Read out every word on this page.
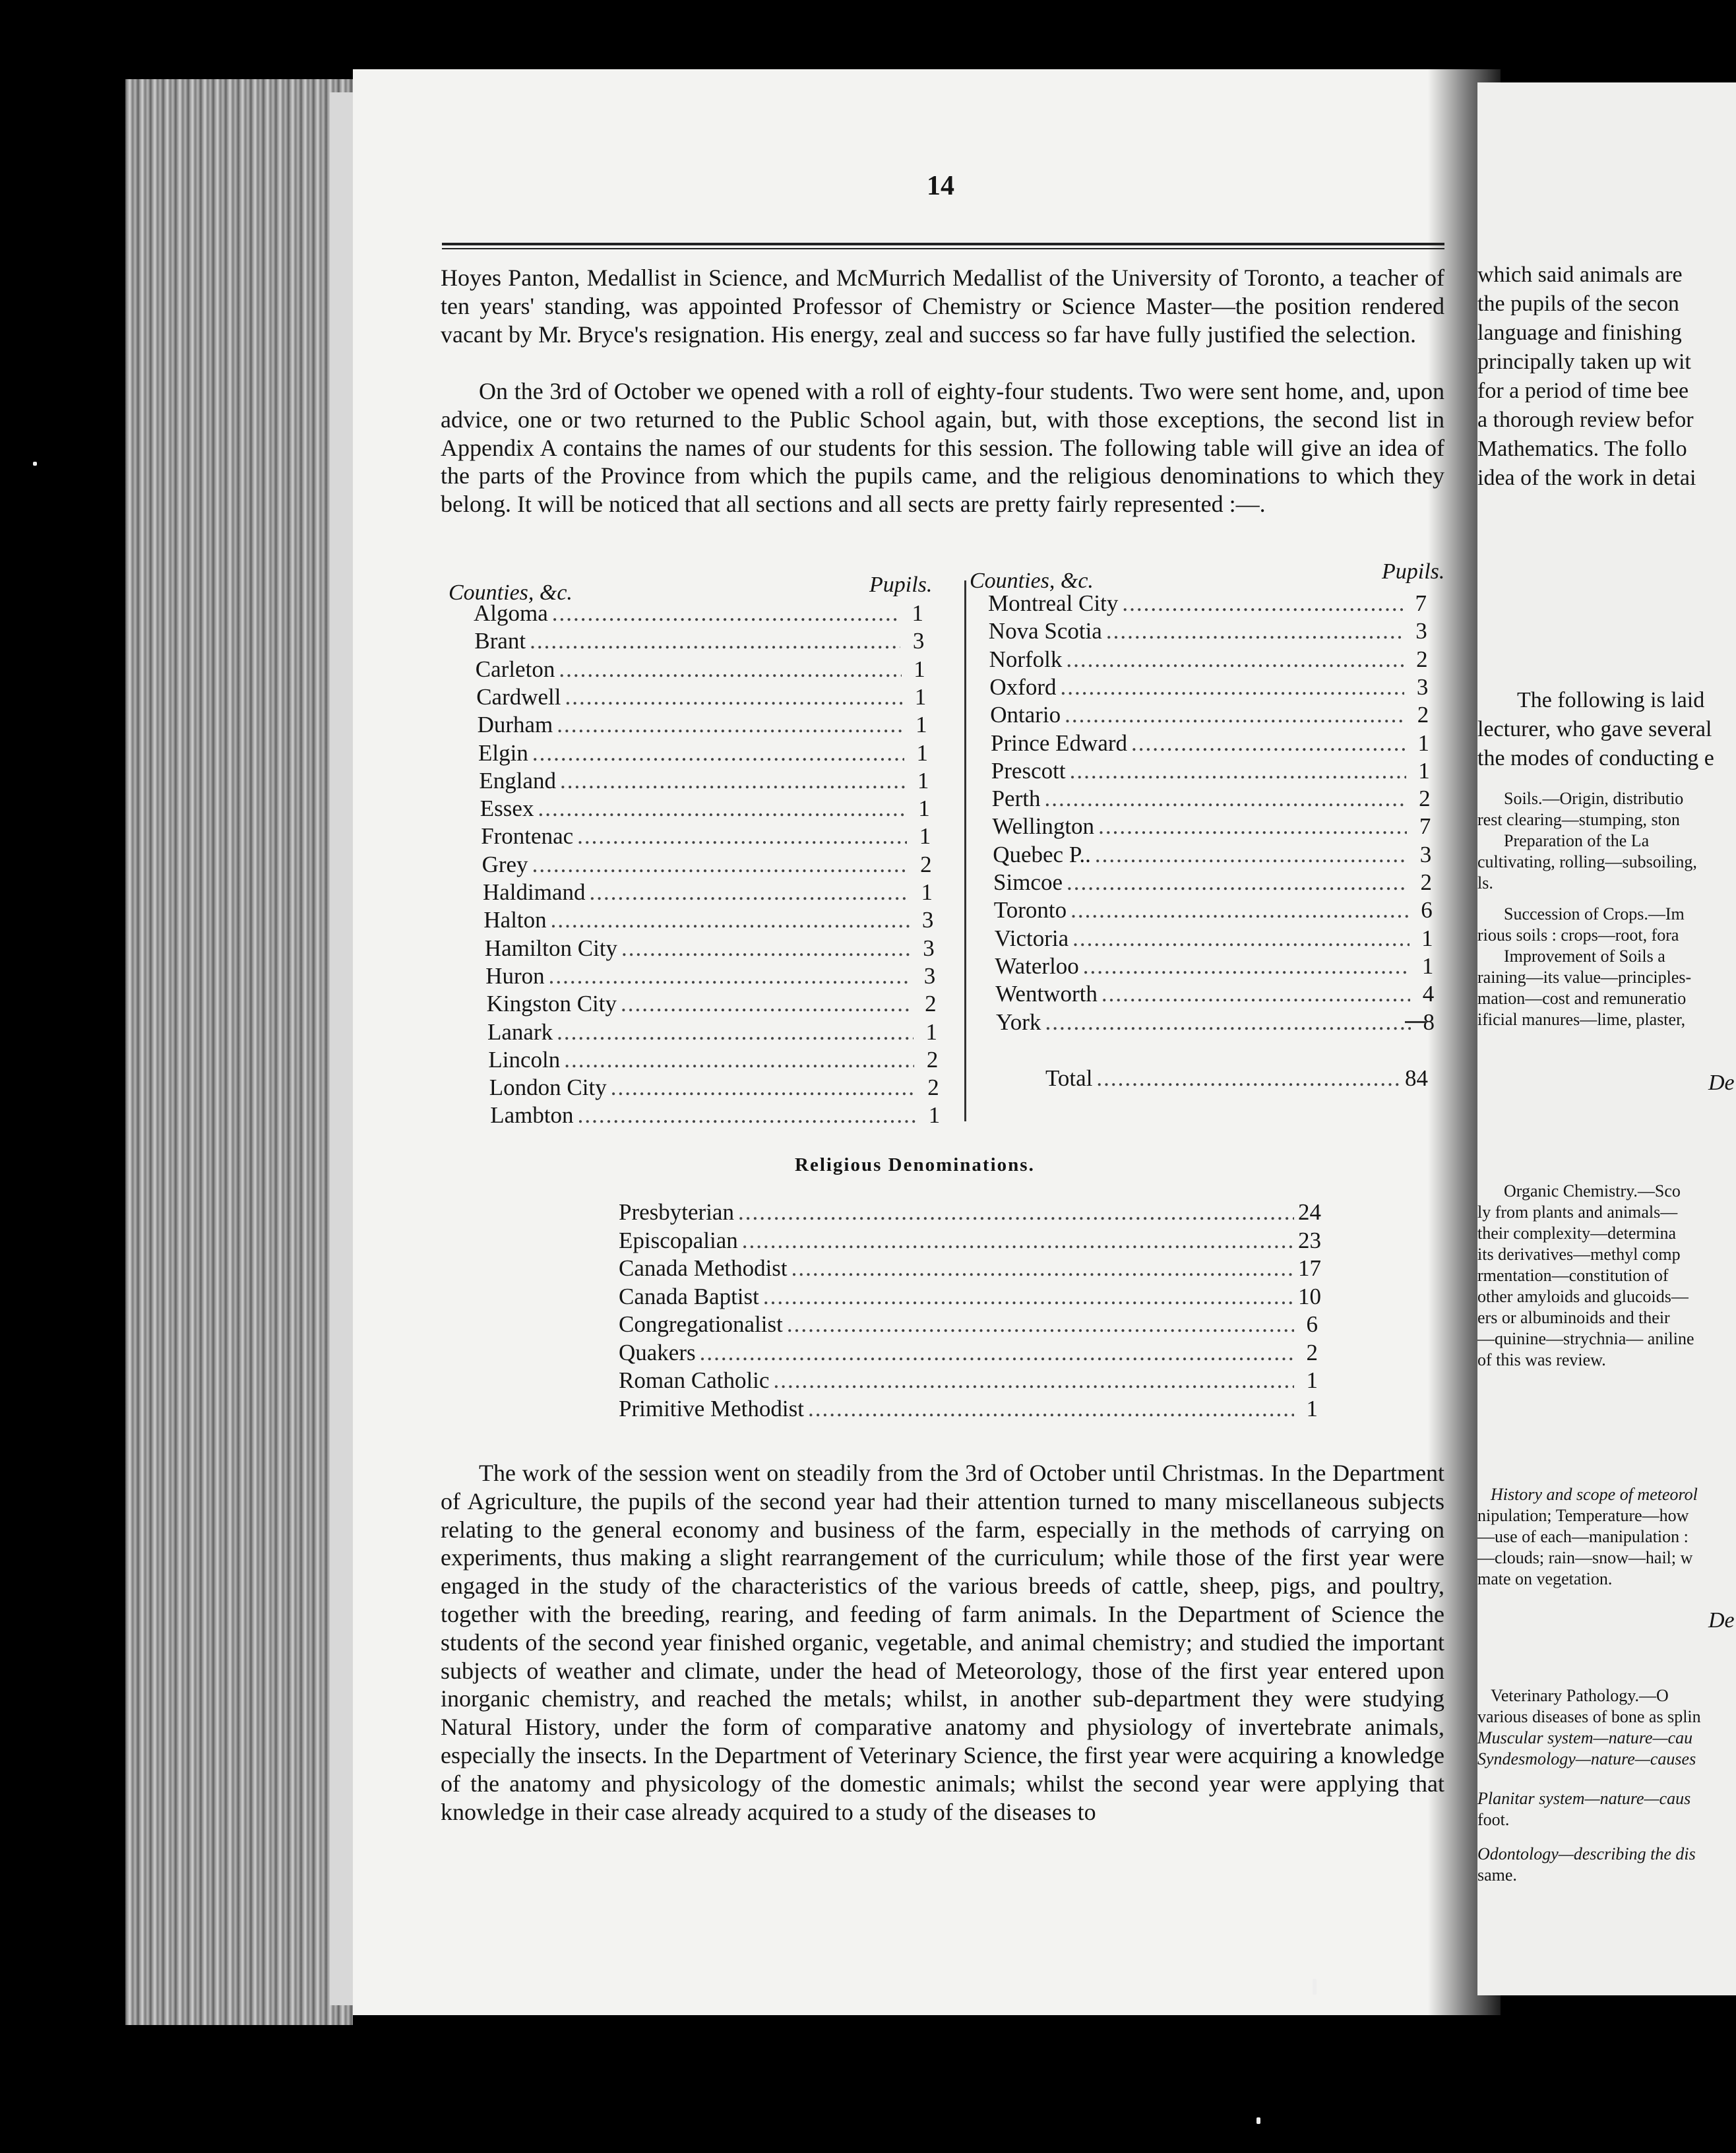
which said animals are

the pupils of the secon

language and finishing

principally taken up wit

for a period of time bee

a thorough review befor

Mathematics. The follo

idea of the work in detai

The following is laid

lecturer, who gave several

the modes of conducting e

Soils.—Origin, distributio

rest clearing—stumping, ston

Preparation of the La

cultivating, rolling—subsoiling,

ls.

Succession of Crops.—Im

rious soils : crops—root, fora

Improvement of Soils a

raining—its value—principles-

mation—cost and remuneratio

ificial manures—lime, plaster,

De

Organic Chemistry.—Sco

ly from plants and animals—

their complexity—determina

its derivatives—methyl comp

rmentation—constitution of

other amyloids and glucoids—

ers or albuminoids and their

—quinine—strychnia— aniline

of this was review.

History and scope of meteorol

nipulation; Temperature—how

—use of each—manipulation :

—clouds; rain—snow—hail; w

mate on vegetation.

De

Veterinary Pathology.—O

various diseases of bone as splin

Muscular system—nature—cau

Syndesmology—nature—causes

Planitar system—nature—caus

foot.

Odontology—describing the dis

same.

14

Hoyes Panton, Medallist in Science, and McMurrich Medallist of the University of Toronto, a teacher of ten years' standing, was appointed Professor of Chemistry or Science Master—the position rendered vacant by Mr. Bryce's resignation. His energy, zeal and success so far have fully justified the selection.

On the 3rd of October we opened with a roll of eighty-four students. Two were sent home, and, upon advice, one or two returned to the Public School again, but, with those exceptions, the second list in Appendix A contains the names of our students for this session. The following table will give an idea of the parts of the Province from which the pupils came, and the religious denominations to which they belong. It will be noticed that all sections and all sects are pretty fairly represented :—.

Counties, &c.	Pupils. Counties, &c.	Pupils.

Algoma .....	1
Brant .....	3
Carleton .....	1
Cardwell .....	1
Durham .....	1
Elgin .....	1
England .....	1
Essex .....	1
Frontenac .....	1
Grey .....	2
Haldimand .....	1
Halton .....	3
Hamilton City .....	3
Huron .....	3
Kingston City .....	2
Lanark .....	1
Lincoln .....	2
London City .....	2
Lambton .....	1
Montreal City .....	7
Nova Scotia .....	3
Norfolk .....	2
Oxford .....	3
Ontario .....	2
Prince Edward .....	1
Prescott .....	1
Perth .....	2
Wellington .....	7
Quebec P.. .....	3
Simcoe .....	2
Toronto .....	6
Victoria .....	1
Waterloo .....	1
Wentworth .....	4
York .....	8
Total .....	84

Religious Denominations.

Presbyterian .....	24
Episcopalian .....	23
Canada Methodist .....	17
Canada Baptist .....	10
Congregationalist .....	6
Quakers .....	2
Roman Catholic .....	1
Primitive Methodist .....	1

The work of the session went on steadily from the 3rd of October until Christmas. In the Department of Agriculture, the pupils of the second year had their attention turned to many miscellaneous subjects relating to the general economy and business of the farm, especially in the methods of carrying on experiments, thus making a slight rearrangement of the curriculum; while those of the first year were engaged in the study of the characteristics of the various breeds of cattle, sheep, pigs, and poultry, together with the breeding, rearing, and feeding of farm animals. In the Department of Science the students of the second year finished organic, vegetable, and animal chemistry; and studied the important subjects of weather and climate, under the head of Meteorology, those of the first year entered upon inorganic chemistry, and reached the metals; whilst, in another sub-department they were studying Natural History, under the form of comparative anatomy and physiology of invertebrate animals, especially the insects. In the Department of Veterinary Science, the first year were acquiring a knowledge of the anatomy and physicology of the domestic animals; whilst the second year were applying that knowledge in their case already acquired to a study of the diseases to
